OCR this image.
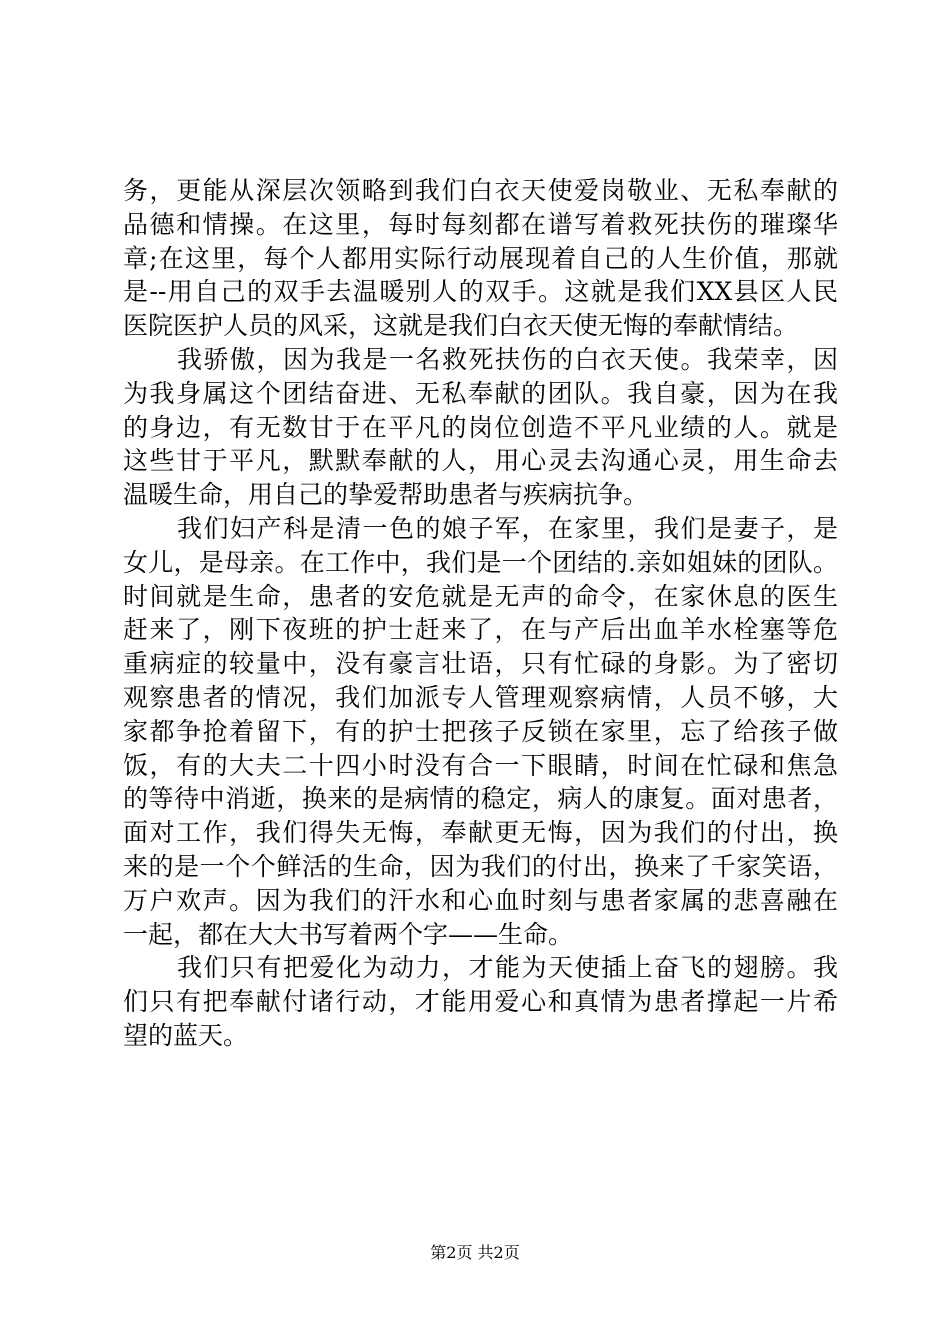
务，更能从深层次领略到我们白衣天使爱岗敬业、无私奉献的
品德和情操。在这里，每时每刻都在谱写着救死扶伤的璀璨华
章;在这里，每个人都用实际行动展现着自己的人生价值，那就
是--用自己的双手去温暖别人的双手。这就是我们XX县区人民
医院医护人员的风采，这就是我们白衣天使无悔的奉献情结。
我骄傲，因为我是一名救死扶伤的白衣天使。我荣幸，因
为我身属这个团结奋进、无私奉献的团队。我自豪，因为在我
的身边，有无数甘于在平凡的岗位创造不平凡业绩的人。就是
这些甘于平凡，默默奉献的人，用心灵去沟通心灵，用生命去
温暖生命，用自己的挚爱帮助患者与疾病抗争。
我们妇产科是清一色的娘子军，在家里，我们是妻子，是
女儿，是母亲。在工作中，我们是一个团结的.亲如姐妹的团队。
时间就是生命，患者的安危就是无声的命令，在家休息的医生
赶来了，刚下夜班的护士赶来了，在与产后出血羊水栓塞等危
重病症的较量中，没有豪言壮语，只有忙碌的身影。为了密切
观察患者的情况，我们加派专人管理观察病情，人员不够，大
家都争抢着留下，有的护士把孩子反锁在家里，忘了给孩子做
饭，有的大夫二十四小时没有合一下眼睛，时间在忙碌和焦急
的等待中消逝，换来的是病情的稳定，病人的康复。面对患者，
面对工作，我们得失无悔，奉献更无悔，因为我们的付出，换
来的是一个个鲜活的生命，因为我们的付出，换来了千家笑语，
万户欢声。因为我们的汗水和心血时刻与患者家属的悲喜融在
一起，都在大大书写着两个字——生命。
我们只有把爱化为动力，才能为天使插上奋飞的翅膀。我
们只有把奉献付诸行动，才能用爱心和真情为患者撑起一片希
望的蓝天。
第2页 共2页
